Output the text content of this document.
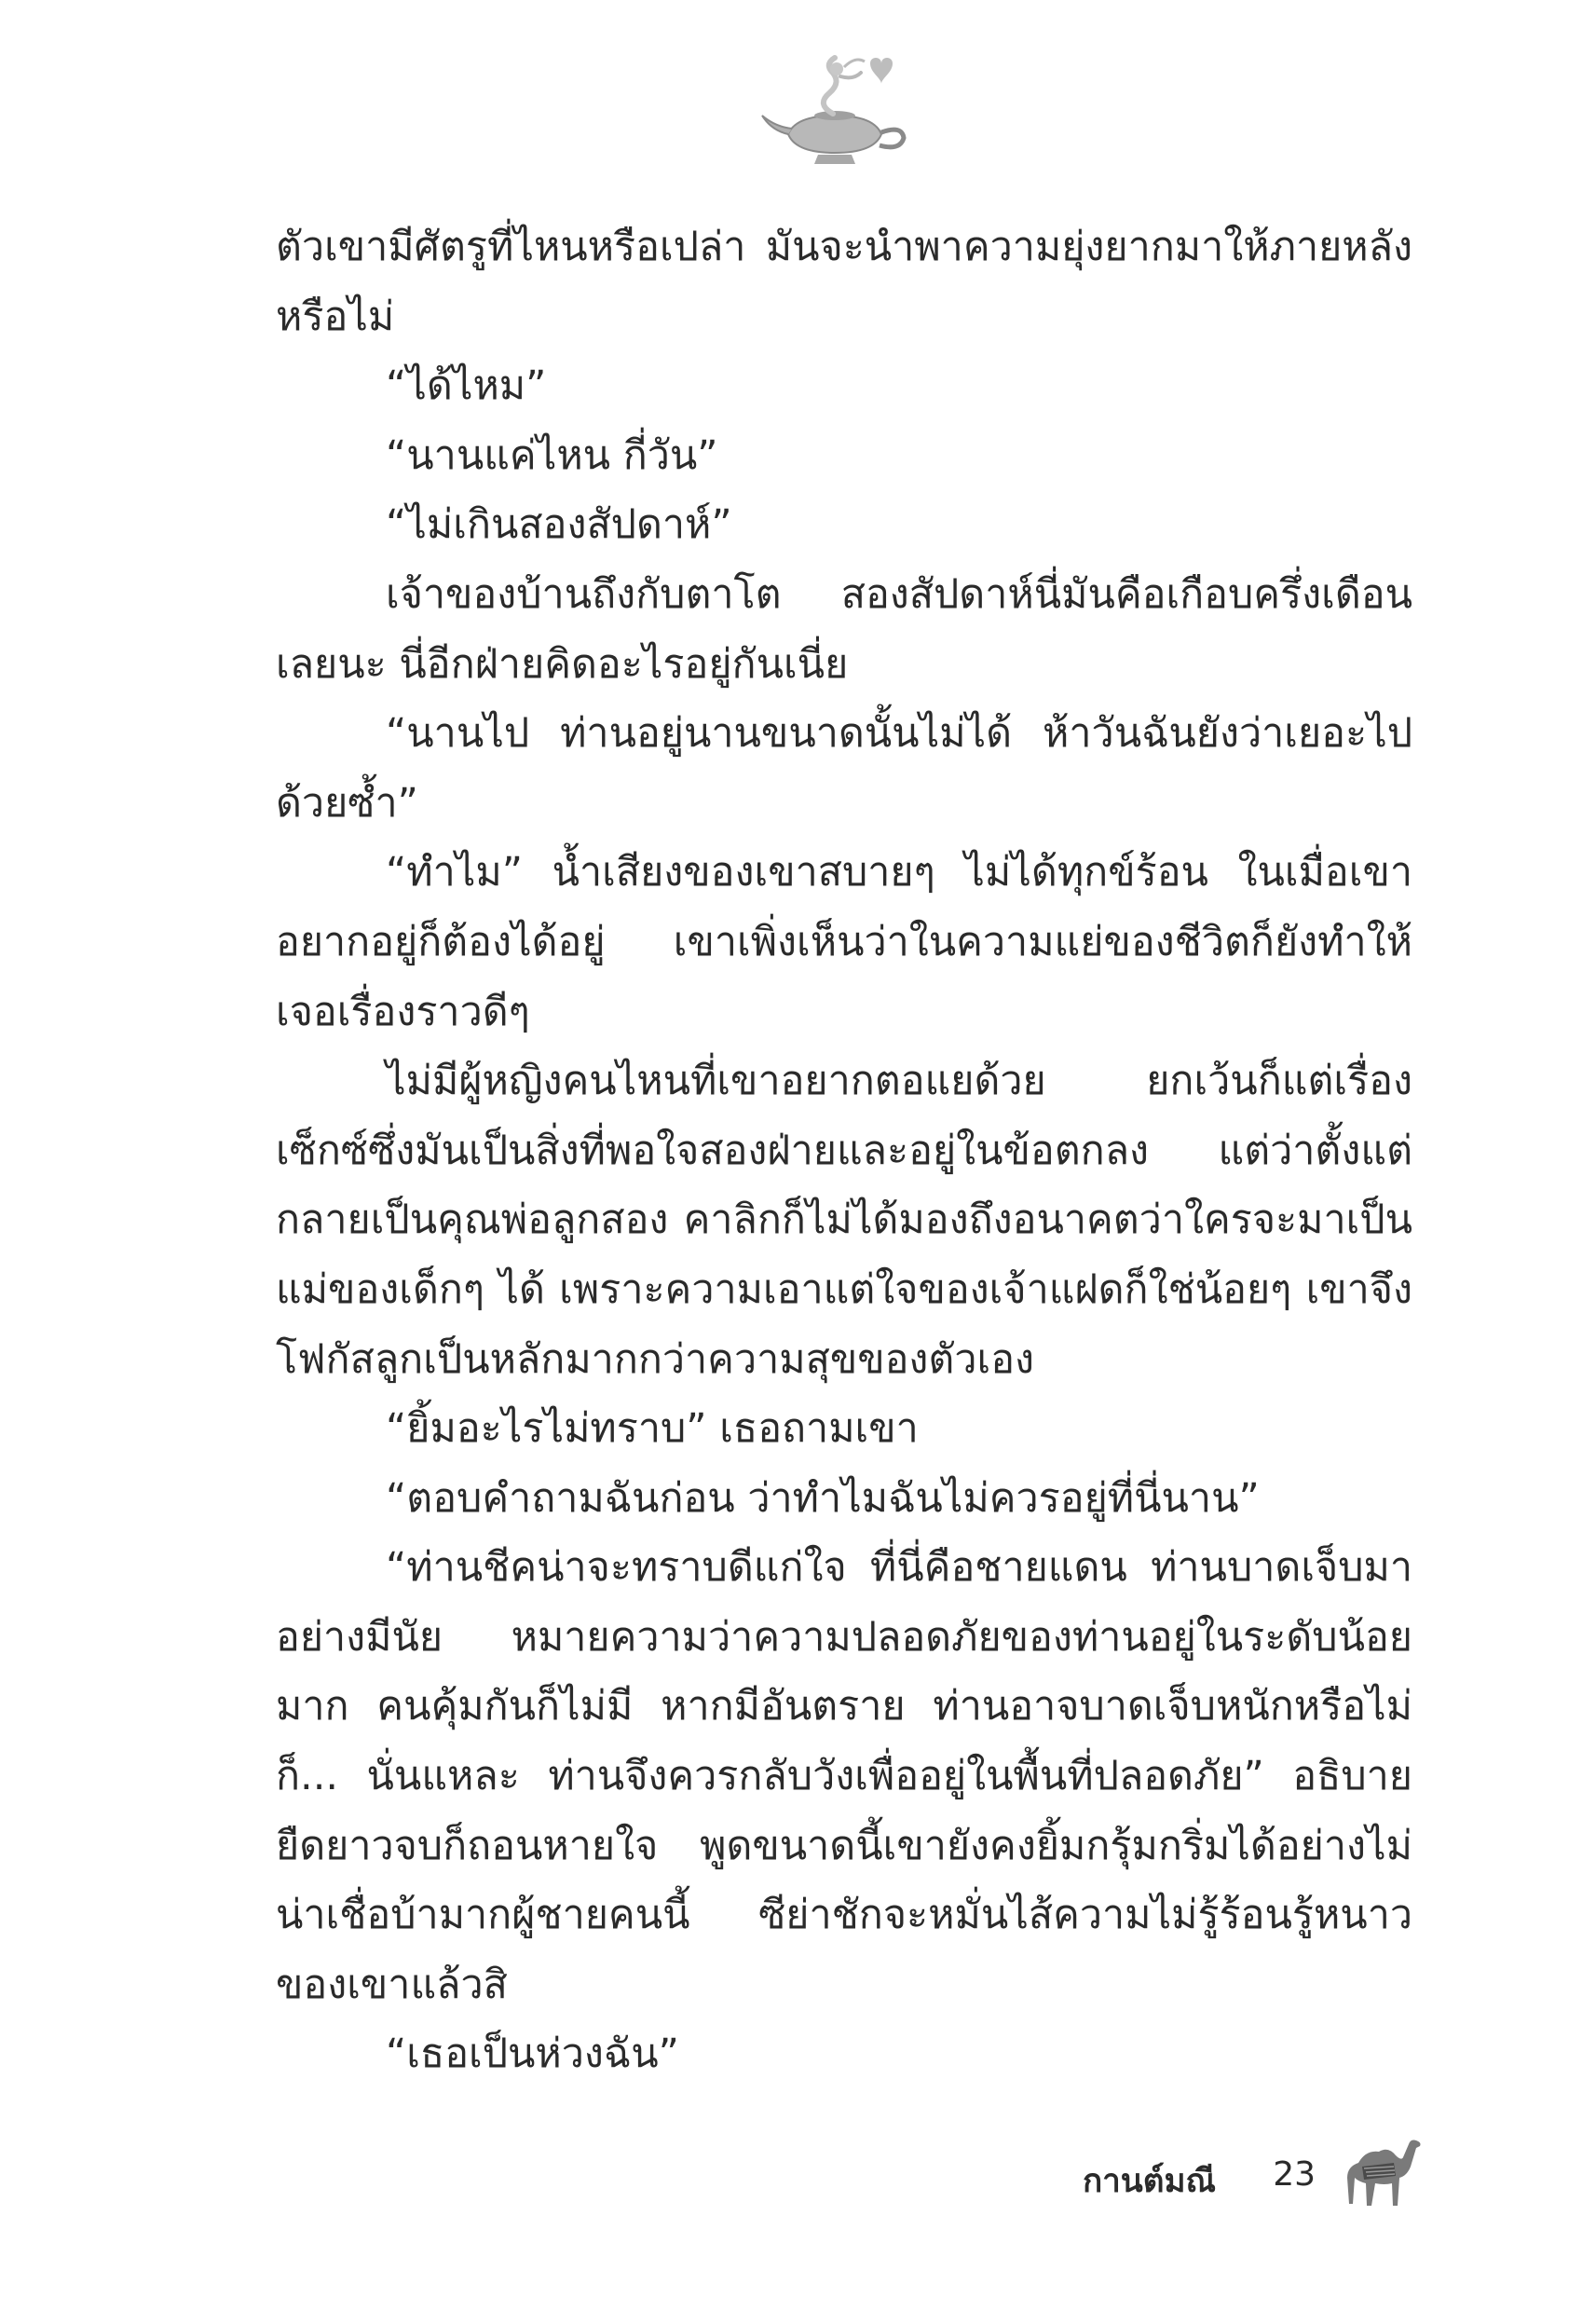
ตัวเขามีศัตรูที่ไหนหรือเปล่า มันจะนำพาความยุ่งยากมาให้ภายหลังหรือไม่

“ได้ไหม”

“นานแค่ไหน กี่วัน”

“ไม่เกินสองสัปดาห์”

เจ้าของบ้านถึงกับตาโต สองสัปดาห์นี่มันคือเกือบครึ่งเดือนเลยนะ นี่อีกฝ่ายคิดอะไรอยู่กันเนี่ย

“นานไป ท่านอยู่นานขนาดนั้นไม่ได้ ห้าวันฉันยังว่าเยอะไปด้วยซ้ำ”

“ทำไม” น้ำเสียงของเขาสบายๆ ไม่ได้ทุกข์ร้อน ในเมื่อเขาอยากอยู่ก็ต้องได้อยู่ เขาเพิ่งเห็นว่าในความแย่ของชีวิตก็ยังทำให้เจอเรื่องราวดีๆ

ไม่มีผู้หญิงคนไหนที่เขาอยากตอแยด้วย ยกเว้นก็แต่เรื่องเซ็กซ์ซึ่งมันเป็นสิ่งที่พอใจสองฝ่ายและอยู่ในข้อตกลง แต่ว่าตั้งแต่กลายเป็นคุณพ่อลูกสอง คาลิกก็ไม่ได้มองถึงอนาคตว่าใครจะมาเป็นแม่ของเด็กๆ ได้ เพราะความเอาแต่ใจของเจ้าแฝดก็ใช่น้อยๆ เขาจึงโฟกัสลูกเป็นหลักมากกว่าความสุขของตัวเอง

“ยิ้มอะไรไม่ทราบ” เธอถามเขา

“ตอบคำถามฉันก่อน ว่าทำไมฉันไม่ควรอยู่ที่นี่นาน”

“ท่านชีคน่าจะทราบดีแก่ใจ ที่นี่คือชายแดน ท่านบาดเจ็บมาอย่างมีนัย หมายความว่าความปลอดภัยของท่านอยู่ในระดับน้อยมาก คนคุ้มกันก็ไม่มี หากมีอันตราย ท่านอาจบาดเจ็บหนักหรือไม่ก็... นั่นแหละ ท่านจึงควรกลับวังเพื่ออยู่ในพื้นที่ปลอดภัย” อธิบายยืดยาวจบก็ถอนหายใจ พูดขนาดนี้เขายังคงยิ้มกรุ้มกริ่มได้อย่างไม่น่าเชื่อบ้ามากผู้ชายคนนี้ ซีย่าชักจะหมั่นไส้ความไม่รู้ร้อนรู้หนาวของเขาแล้วสิ

“เธอเป็นห่วงฉัน”

กานต์มณี 23
